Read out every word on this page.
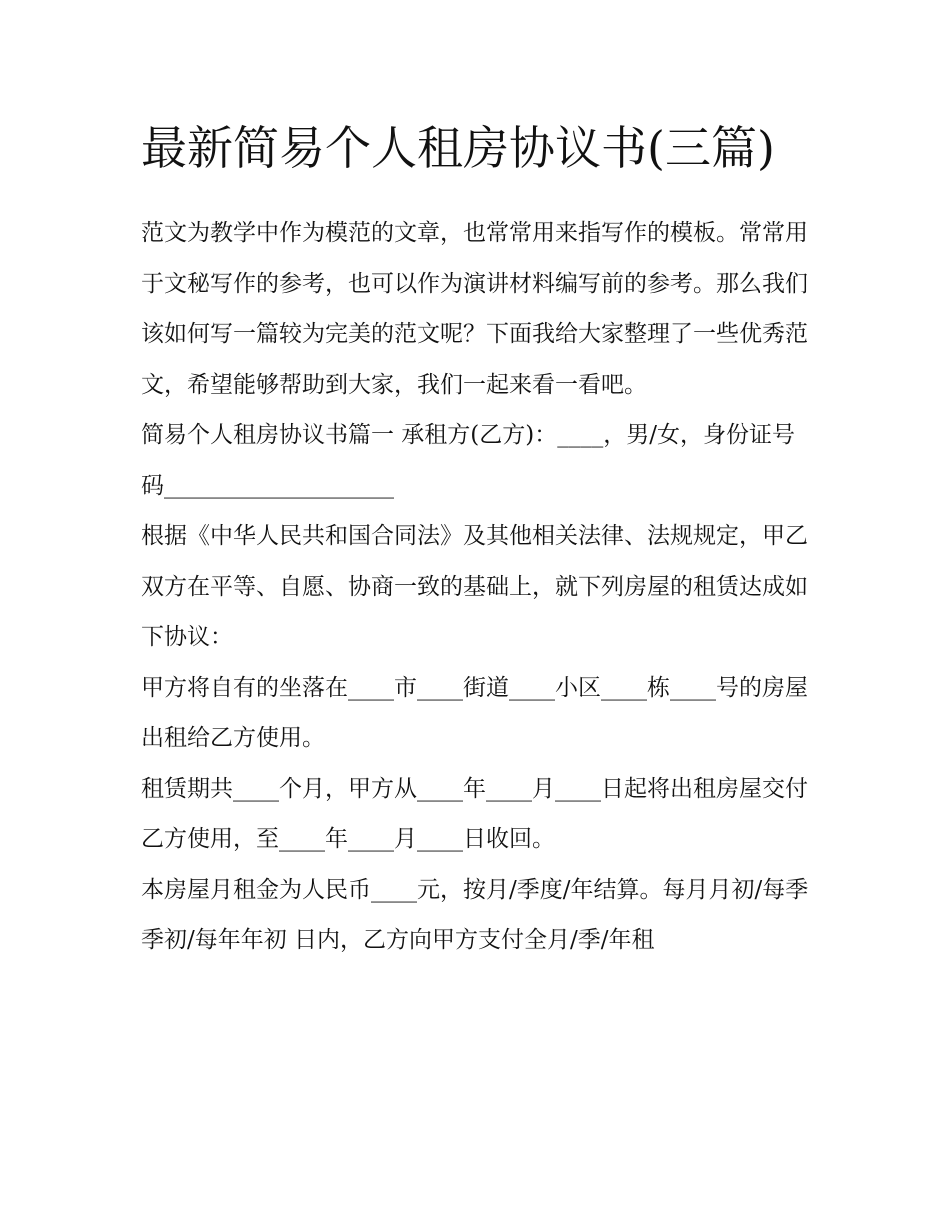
最新简易个人租房协议书(三篇)

范文为教学中作为模范的文章，也常常用来指写作的模板。常常用于文秘写作的参考，也可以作为演讲材料编写前的参考。那么我们该如何写一篇较为完美的范文呢？下面我给大家整理了一些优秀范文，希望能够帮助到大家，我们一起来看一看吧。

简易个人租房协议书篇一 承租方(乙方)：____，男/女，身份证号码____________________

根据《中华人民共和国合同法》及其他相关法律、法规规定，甲乙双方在平等、自愿、协商一致的基础上，就下列房屋的租赁达成如下协议：

甲方将自有的坐落在____市____街道____小区____栋____号的房屋出租给乙方使用。

租赁期共____个月，甲方从____年____月____日起将出租房屋交付乙方使用，至____年____月____日收回。

本房屋月租金为人民币____元，按月/季度/年结算。每月月初/每季季初/每年年初 日内，乙方向甲方支付全月/季/年租
